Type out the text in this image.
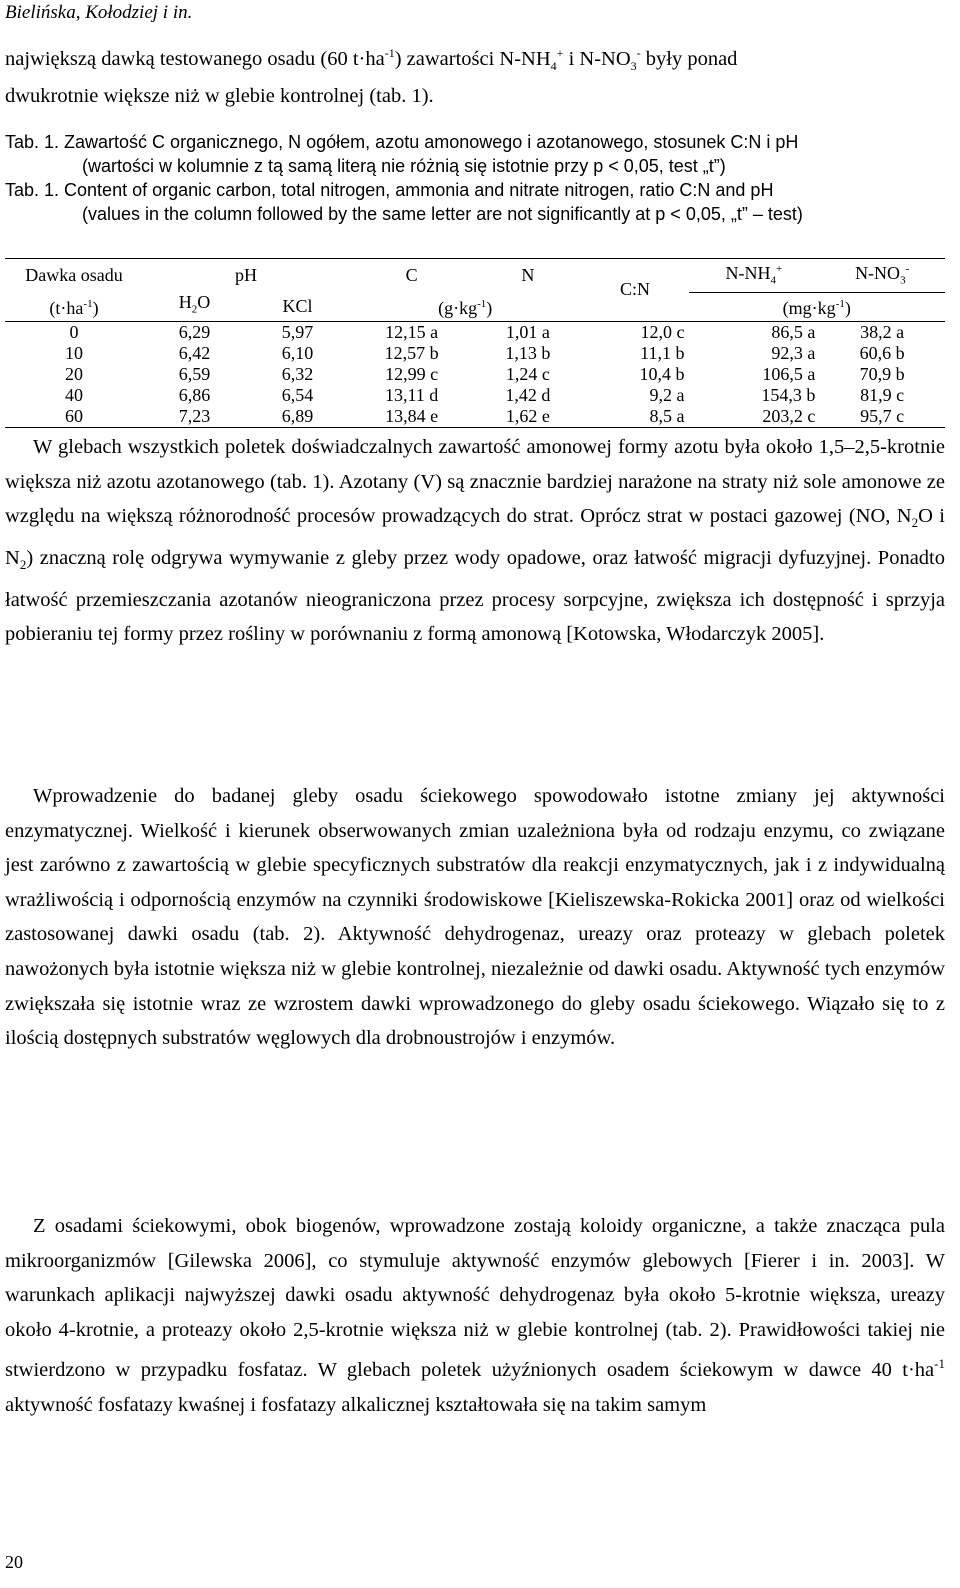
Bielińska, Kołodziej i in.
największą dawką testowanego osadu (60 $t\cdot ha^{-1}$) zawartości $N-NH_4^+$ i $N-NO_3^-$ były ponad
dwukrotnie większe niż w glebie kontrolnej (tab. 1).
Tab. 1. Zawartość C organicznego, N ogółem, azotu amonowego i azotanowego, stosunek C:N i pH
(wartości w kolumnie z tą samą literą nie różnią się istotnie przy p < 0,05, test „t”)
Tab. 1. Content of organic carbon, total nitrogen, ammonia and nitrate nitrogen, ratio C:N and pH
(values in the column followed by the same letter are not significantly at p < 0,05, „t” – test)
Dawka osadu	pH		C	N	C:N	$N-NH_4^+$	$N-NO_3^-$
$(t\cdot ha^{-1})$	$H_2O$	KCl	$(g\cdot kg^{-1})$			$(mg\cdot kg^{-1})$	
0	6,29	5,97	12,15 a	1,01 a	12,0 c	86,5 a	38,2 a
10	6,42	6,10	12,57 b	1,13 b	11,1 b	92,3 a	60,6 b
20	6,59	6,32	12,99 c	1,24 c	10,4 b	106,5 a	70,9 b
40	6,86	6,54	13,11 d	1,42 d	9,2 a	154,3 b	81,9 c
60	7,23	6,89	13,84 e	1,62 e	8,5 a	203,2 c	95,7 c
W glebach wszystkich poletek doświadczalnych zawartość amonowej formy azotu była około 1,5–2,5-krotnie większa niż azotu azotanowego (tab. 1). Azotany (V) są znacznie bardziej narażone na straty niż sole amonowe ze względu na większą różnorodność procesów prowadzących do strat. Oprócz strat w postaci gazowej (NO, $N_2O$ i $N_2$) znaczną rolę odgrywa wymywanie z gleby przez wody opadowe, oraz łatwość migracji dyfuzyjnej. Ponadto łatwość przemieszczania azotanów nieograniczona przez procesy sorpcyjne, zwiększa ich dostępność i sprzyja pobieraniu tej formy przez rośliny w porównaniu z formą amonową [Kotowska, Włodarczyk 2005].
Wprowadzenie do badanej gleby osadu ściekowego spowodowało istotne zmiany jej aktywności enzymatycznej. Wielkość i kierunek obserwowanych zmian uzależniona była od rodzaju enzymu, co związane jest zarówno z zawartością w glebie specyficznych substratów dla reakcji enzymatycznych, jak i z indywidualną wrażliwością i odpornością enzymów na czynniki środowiskowe [Kieliszewska-Rokicka 2001] oraz od wielkości zastosowanej dawki osadu (tab. 2). Aktywność dehydrogenaz, ureazy oraz proteazy w glebach poletek nawożonych była istotnie większa niż w glebie kontrolnej, niezależnie od dawki osadu. Aktywność tych enzymów zwiększała się istotnie wraz ze wzrostem dawki wprowadzonego do gleby osadu ściekowego. Wiązało się to z ilością dostępnych substratów węglowych dla drobnoustrojów i enzymów.
Z osadami ściekowymi, obok biogenów, wprowadzone zostają koloidy organiczne, a także znacząca pula mikroorganizmów [Gilewska 2006], co stymuluje aktywność enzymów glebowych [Fierer i in. 2003]. W warunkach aplikacji najwyższej dawki osadu aktywność dehydrogenaz była około 5-krotnie większa, ureazy około 4-krotnie, a proteazy około 2,5-krotnie większa niż w glebie kontrolnej (tab. 2). Prawidłowości takiej nie stwierdzono w przypadku fosfataz. W glebach poletek użyźnionych osadem ściekowym w dawce 40 $t\cdot ha^{-1}$ aktywność fosfatazy kwaśnej i fosfatazy alkalicznej kształtowała się na takim samym
20
